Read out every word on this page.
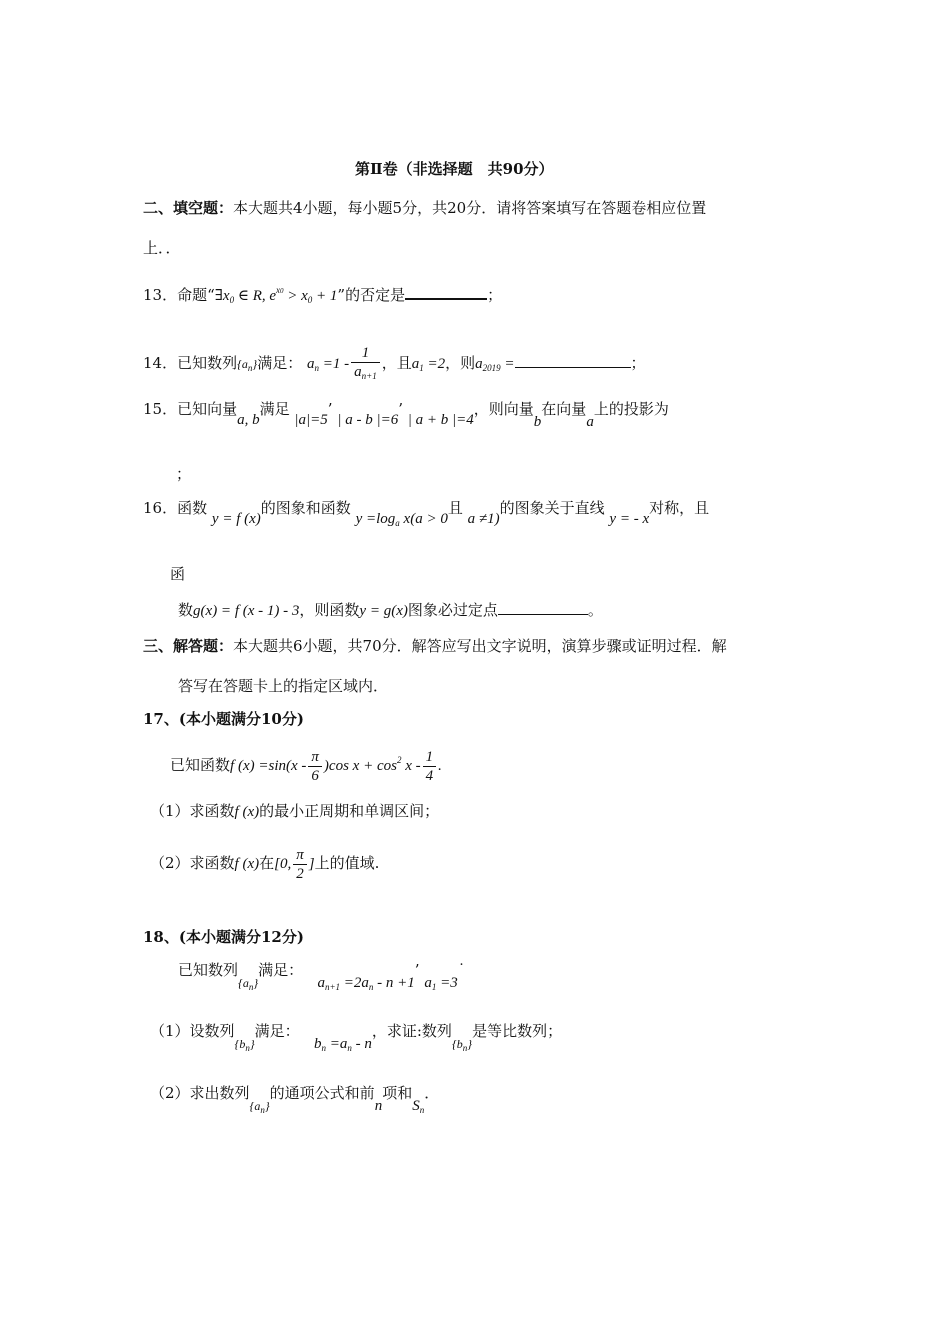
第Ⅱ卷（非选择题　共90分）
二、填空题：本大题共4小题，每小题5分，共20分．请将答案填写在答题卷相应位置
上．．
13．命题“$\exists x_0$ ∈ R, $e^{x0} > x_0 + 1$”的否定是	；
14．已知数列$\{a_n\}$满足： $a_n =1 - \frac{1}{a_{n+1}}$ ，且$a_1 =2$，则$a_{2019}$ =	；
15．已知向量a, b满足 |a|=5’ | a - b |=6’ | a + b |=4，则向量b在向量a上的投影为
；
16．函数 y = f (x)的图象和函数 $y =\log_a$ x(a > 0且 a ≠1)的图象关于直线 y = - x对称，且
函
数g(x) = f (x - 1) - 3，则函数y = g(x)图象必过定点	。
三、解答题：本大题共6小题，共70分．解答应写出文字说明，演算步骤或证明过程．解
答写在答题卡上的指定区域内．
17、(本小题满分10分)
已知函数f $(x) =\sin(x - \frac{\pi}{6} )\cos$ $x + \cos^2 x - \frac{1}{4}$ .
（1）求函数f (x)的最小正周期和单调区间；
（2）求函数f (x)在[0, $\frac{\pi}{2}$ ]上的值域.
18、(本小题满分12分)
已知数列$_{\{a_n\}}$满足：   $a_{n+1} =2a_n - n +1$’ $a_1$ =3˙
（1）设数列$_{\{b_n\}}$满足：   $b_n =a_n - n$，求证:数列$_{\{b_n\}}$是等比数列；
（2）求出数列$_{\{a_n\}}$的通项公式和前n项和$S_n$．
